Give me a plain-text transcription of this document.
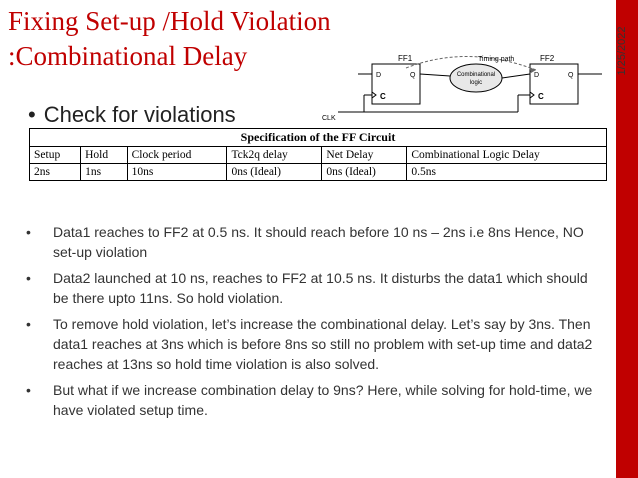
Fixing Set-up /Hold Violation
:Combinational Delay	1/25/2022
Static Timing Analysis
21
FF1
D	Q
C
FF2
D	Q
C
Combinational
logic
Timing path
CLK
• Check for violations
Specification of the FF Circuit
Setup	Hold	Clock period	Tck2q delay	Net Delay	Combinational Logic Delay
2ns	1ns	10ns	0ns (Ideal)	0ns (Ideal)	0.5ns
• Data1 reaches to FF2 at 0.5 ns. It should reach before 10 ns – 2ns i.e 8ns Hence, NO set-up violation
• Data2 launched at 10 ns, reaches to FF2 at 10.5 ns. It disturbs the data1 which should be there upto 11ns. So hold violation.
• To remove hold violation, let’s increase the combinational delay. Let’s say by 3ns. Then data1 reaches at 3ns which is before 8ns so still no problem with set-up time and data2 reaches at 13ns so hold time violation is also solved.
• But what if we increase combination delay to 9ns? Here, while solving for hold-time, we have violated setup time.
